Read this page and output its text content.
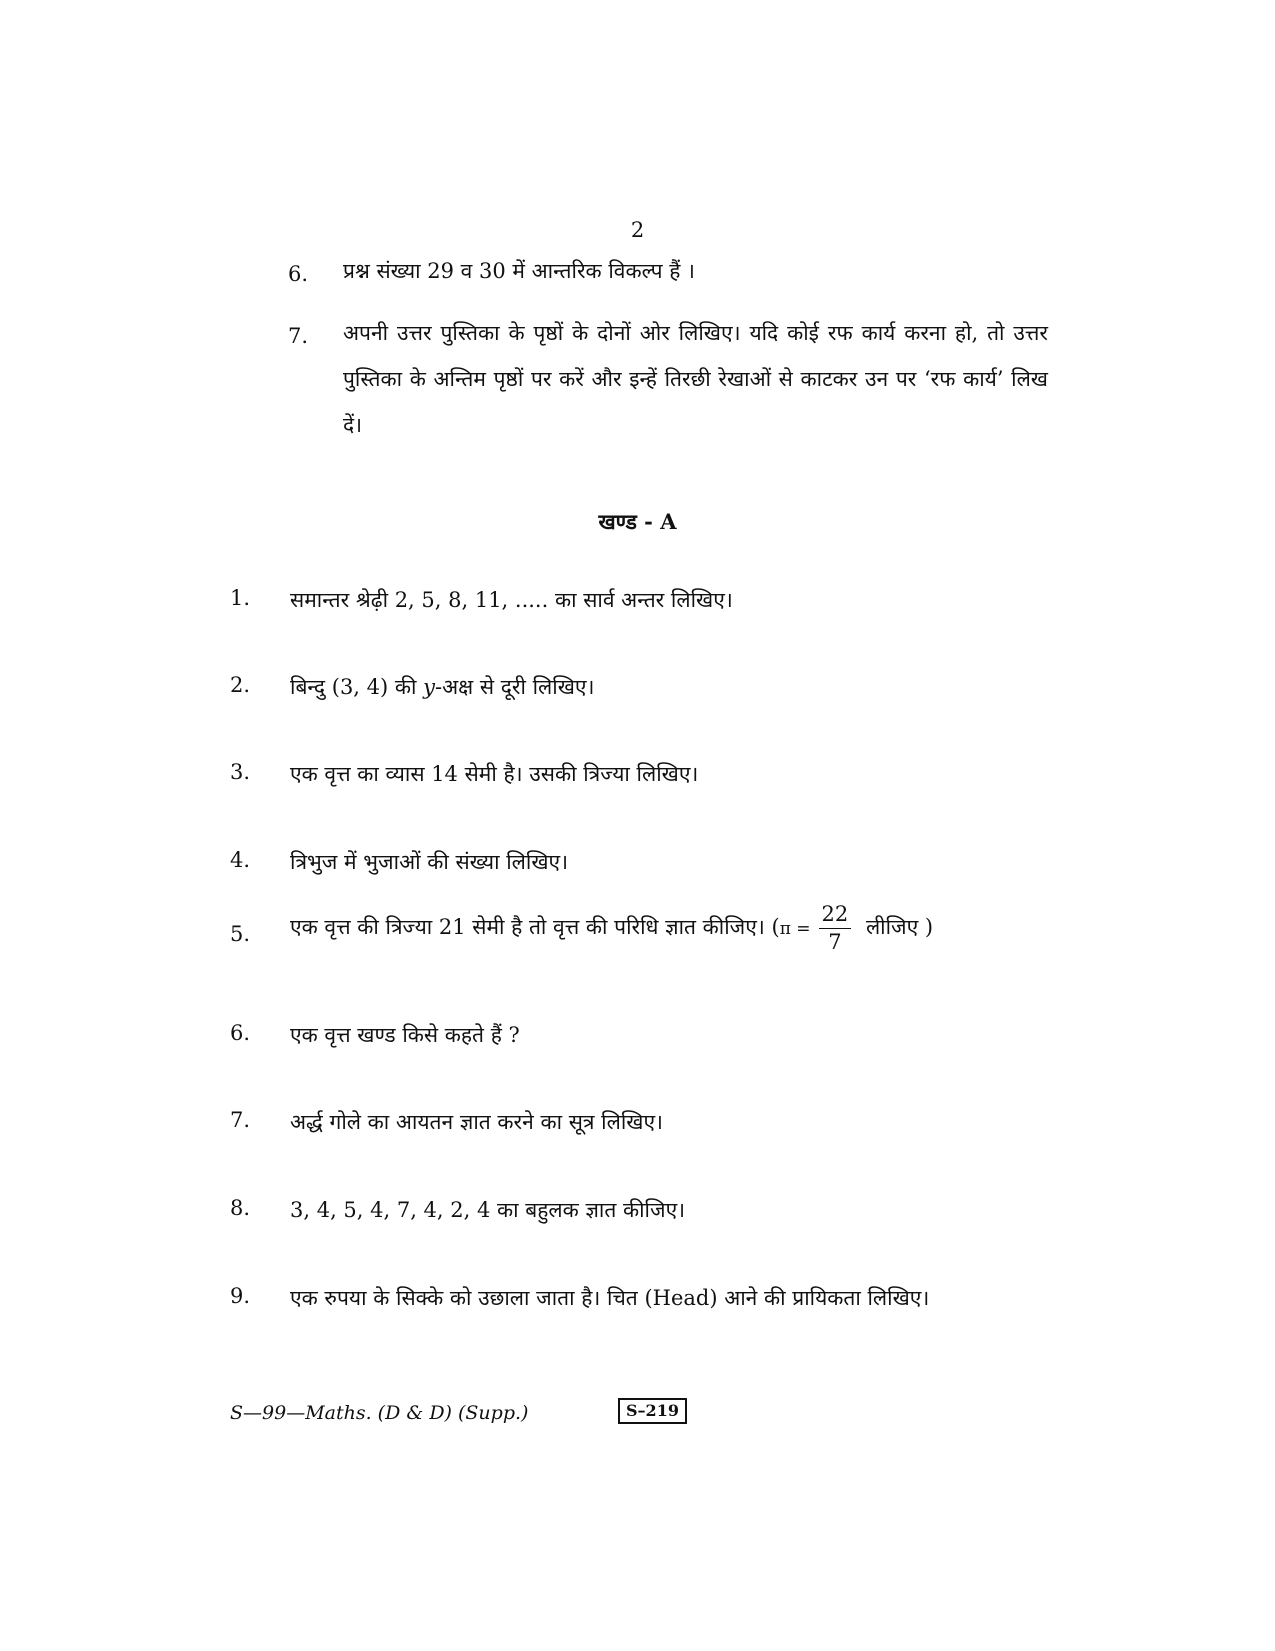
2
6. प्रश्न संख्या 29 व 30 में आन्तरिक विकल्प हैं ।
7. अपनी उत्तर पुस्तिका के पृष्ठों के दोनों ओर लिखिए। यदि कोई रफ कार्य करना हो, तो उत्तर पुस्तिका के अन्तिम पृष्ठों पर करें और इन्हें तिरछी रेखाओं से काटकर उन पर ‘रफ कार्य’ लिख दें।
खण्ड - A
1. समान्तर श्रेढ़ी 2, 5, 8, 11, ..... का सार्व अन्तर लिखिए।
2. बिन्दु (3, 4) की y-अक्ष से दूरी लिखिए।
3. एक वृत्त का व्यास 14 सेमी है। उसकी त्रिज्या लिखिए।
4. त्रिभुज में भुजाओं की संख्या लिखिए।
5. एक वृत्त की त्रिज्या 21 सेमी है तो वृत्त की परिधि ज्ञात कीजिए। ($\pi = \frac{22}{7}$ लीजिए )
6. एक वृत्त खण्ड किसे कहते हैं ?
7. अर्द्ध गोले का आयतन ज्ञात करने का सूत्र लिखिए।
8. 3, 4, 5, 4, 7, 4, 2, 4 का बहुलक ज्ञात कीजिए।
9. एक रुपया के सिक्के को उछाला जाता है। चित (Head) आने की प्रायिकता लिखिए।
S—99—Maths. (D & D) (Supp.)	S–219
